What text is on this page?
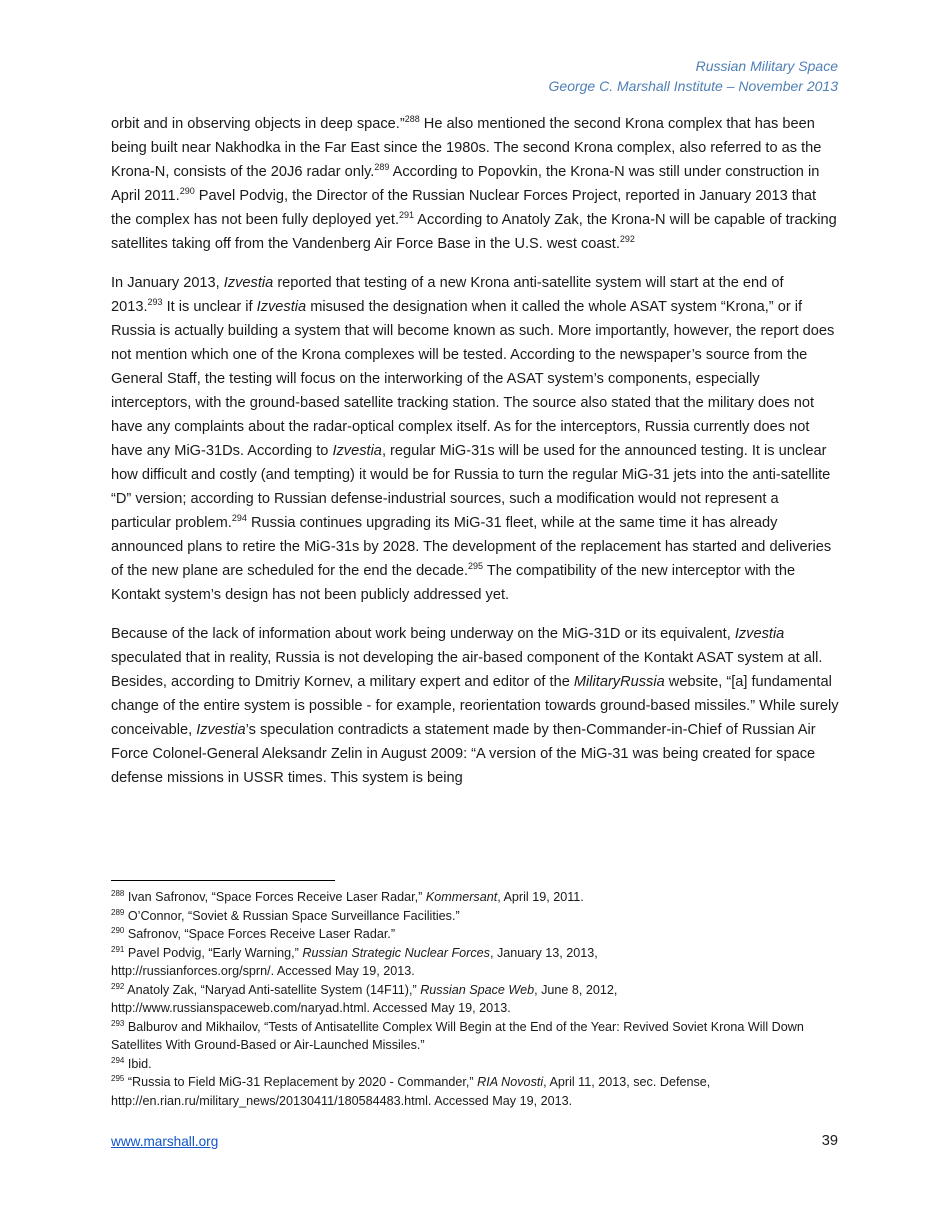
Russian Military Space
George C. Marshall Institute – November 2013

orbit and in observing objects in deep space.”$^{288}$ He also mentioned the second Krona complex that has been being built near Nakhodka in the Far East since the 1980s. The second Krona complex, also referred to as the Krona-N, consists of the 20J6 radar only.$^{289}$ According to Popovkin, the Krona-N was still under construction in April 2011.$^{290}$ Pavel Podvig, the Director of the Russian Nuclear Forces Project, reported in January 2013 that the complex has not been fully deployed yet.$^{291}$ According to Anatoly Zak, the Krona-N will be capable of tracking satellites taking off from the Vandenberg Air Force Base in the U.S. west coast.$^{292}$

In January 2013, Izvestia reported that testing of a new Krona anti-satellite system will start at the end of 2013.$^{293}$ It is unclear if Izvestia misused the designation when it called the whole ASAT system “Krona,” or if Russia is actually building a system that will become known as such. More importantly, however, the report does not mention which one of the Krona complexes will be tested. According to the newspaper’s source from the General Staff, the testing will focus on the interworking of the ASAT system’s components, especially interceptors, with the ground-based satellite tracking station. The source also stated that the military does not have any complaints about the radar-optical complex itself. As for the interceptors, Russia currently does not have any MiG-31Ds. According to Izvestia, regular MiG-31s will be used for the announced testing. It is unclear how difficult and costly (and tempting) it would be for Russia to turn the regular MiG-31 jets into the anti-satellite “D” version; according to Russian defense-industrial sources, such a modification would not represent a particular problem.$^{294}$ Russia continues upgrading its MiG-31 fleet, while at the same time it has already announced plans to retire the MiG-31s by 2028. The development of the replacement has started and deliveries of the new plane are scheduled for the end the decade.$^{295}$ The compatibility of the new interceptor with the Kontakt system’s design has not been publicly addressed yet.

Because of the lack of information about work being underway on the MiG-31D or its equivalent, Izvestia speculated that in reality, Russia is not developing the air-based component of the Kontakt ASAT system at all. Besides, according to Dmitriy Kornev, a military expert and editor of the MilitaryRussia website, “[a] fundamental change of the entire system is possible - for example, reorientation towards ground-based missiles.” While surely conceivable, Izvestia’s speculation contradicts a statement made by then-Commander-in-Chief of Russian Air Force Colonel-General Aleksandr Zelin in August 2009: “A version of the MiG-31 was being created for space defense missions in USSR times. This system is being

$^{288}$ Ivan Safronov, “Space Forces Receive Laser Radar,” Kommersant, April 19, 2011.
$^{289}$ O’Connor, “Soviet & Russian Space Surveillance Facilities.”
$^{290}$ Safronov, “Space Forces Receive Laser Radar.”
$^{291}$ Pavel Podvig, “Early Warning,” Russian Strategic Nuclear Forces, January 13, 2013,
http://russianforces.org/sprn/. Accessed May 19, 2013.
$^{292}$ Anatoly Zak, “Naryad Anti-satellite System (14F11),” Russian Space Web, June 8, 2012,
http://www.russianspaceweb.com/naryad.html. Accessed May 19, 2013.
$^{293}$ Balburov and Mikhailov, “Tests of Antisatellite Complex Will Begin at the End of the Year: Revived Soviet Krona Will Down Satellites With Ground-Based or Air-Launched Missiles.”
$^{294}$ Ibid.
$^{295}$ “Russia to Field MiG-31 Replacement by 2020 - Commander,” RIA Novosti, April 11, 2013, sec. Defense,
http://en.rian.ru/military_news/20130411/180584483.html. Accessed May 19, 2013.
www.marshall.org	39
